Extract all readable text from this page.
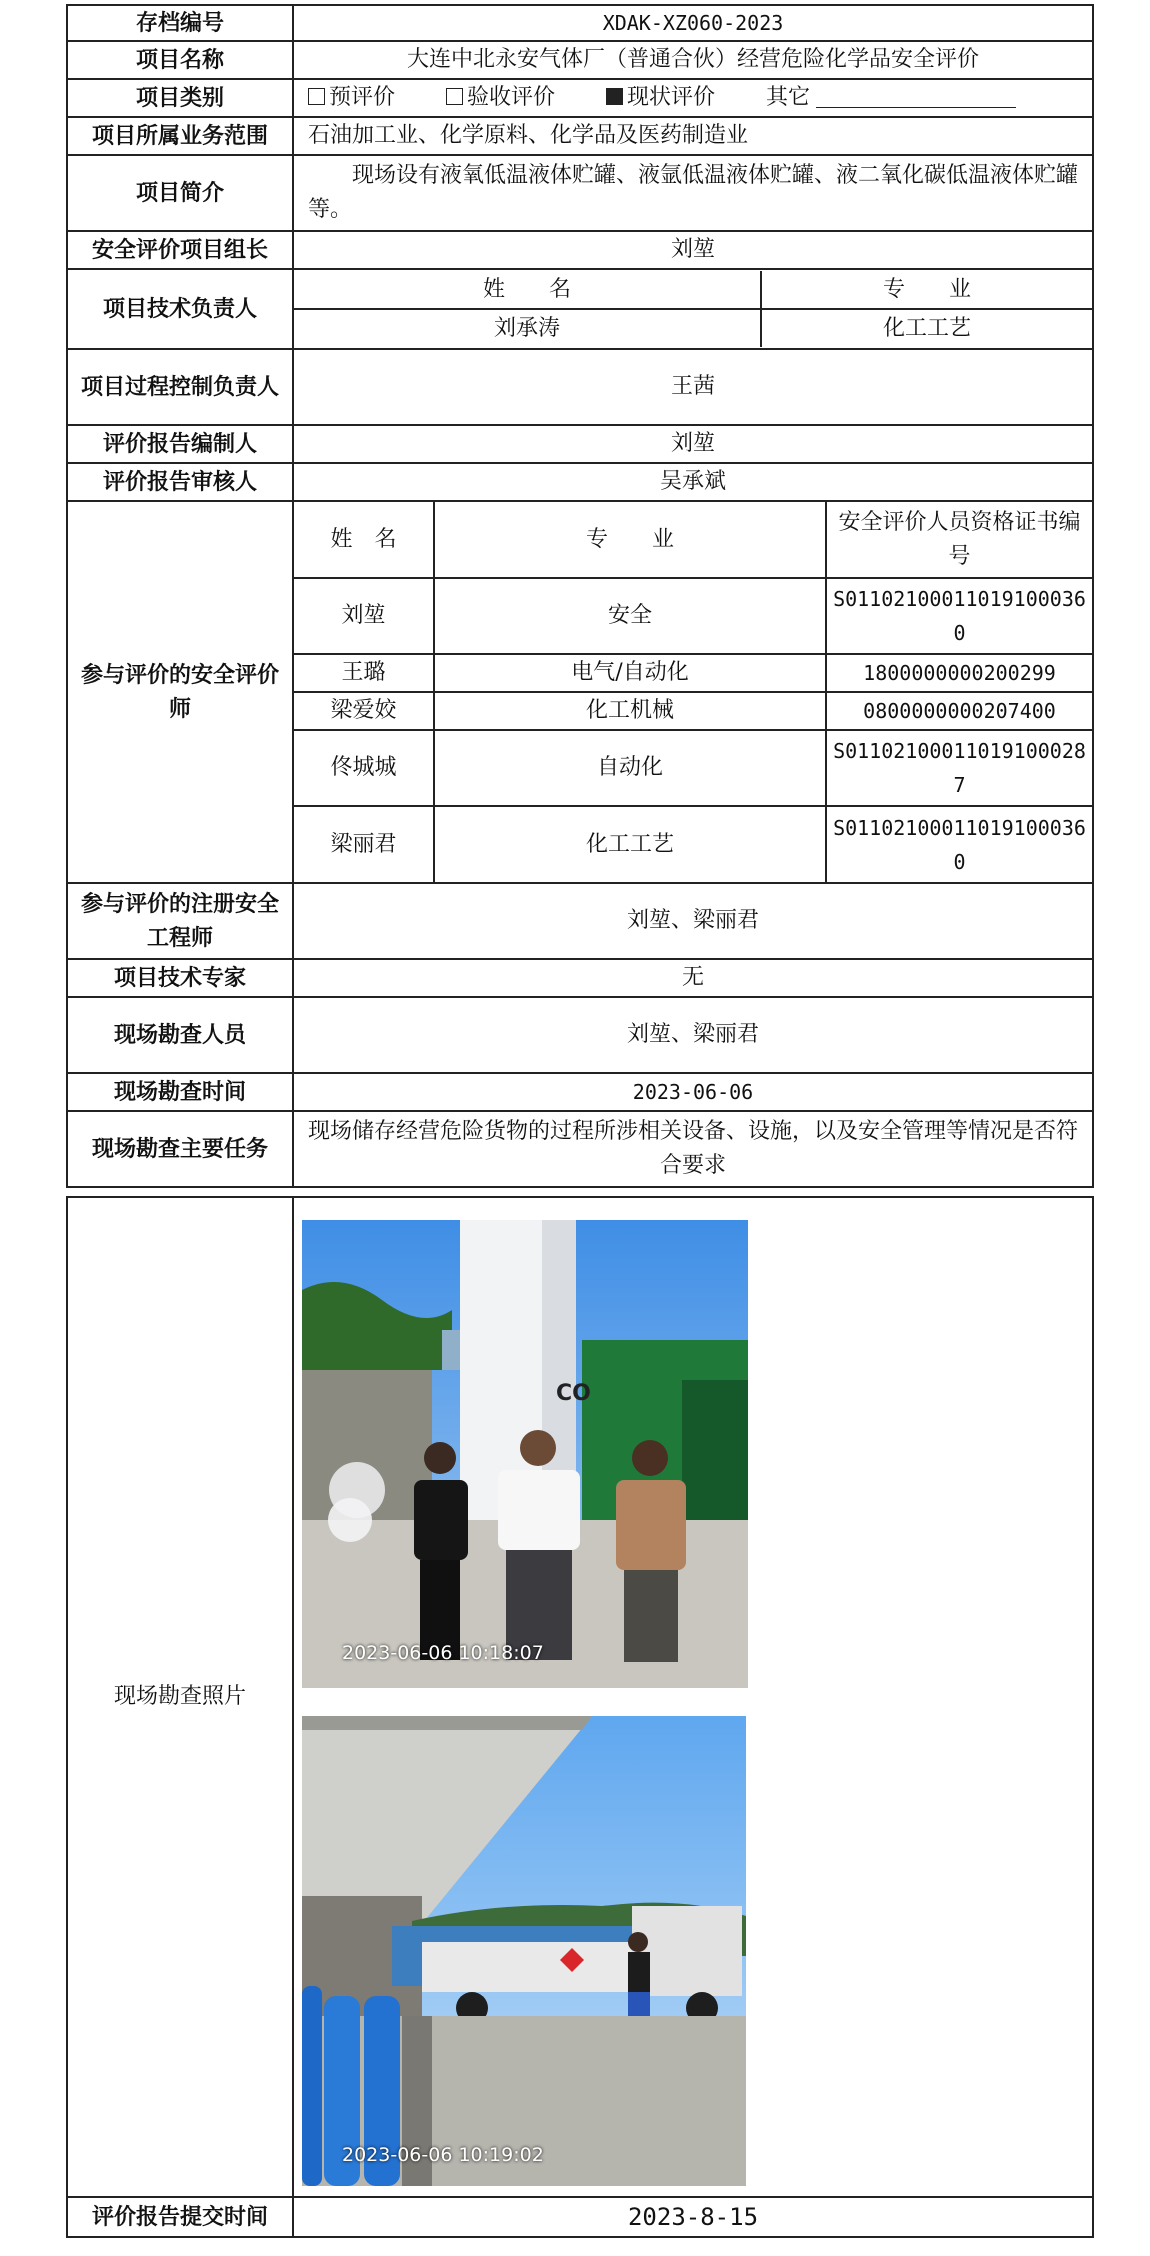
存档编号	XDAK-XZ060-2023
项目名称	大连中北永安气体厂（普通合伙）经营危险化学品安全评价
项目类别	预评价	验收评价	现状评价 其它
项目所属业务范围	石油加工业、化学原料、化学品及医药制造业
项目简介	现场设有液氧低温液体贮罐、液氩低温液体贮罐、液二氧化碳低温液体贮罐等。
安全评价项目组长	刘堃
项目技术负责人	
姓　　名	专　　业
刘承涛	化工工艺

项目过程控制负责人	王茜
评价报告编制人	刘堃
评价报告审核人	吴承斌
参与评价的安全评价师	
姓　名	专　　业	安全评价人员资格证书编号
刘堃	安全	S011021000110191000360
王璐	电气/自动化	1800000000200299
梁爱姣	化工机械	0800000000207400
佟城城	自动化	S011021000110191000287
梁丽君	化工工艺	S011021000110191000360

参与评价的注册安全工程师	刘堃、梁丽君
项目技术专家	无
现场勘查人员	刘堃、梁丽君
现场勘查时间	2023-06-06
现场勘查主要任务	现场储存经营危险货物的过程所涉相关设备、设施，以及安全管理等情况是否符合要求
现场勘查照片	
评价报告提交时间	2023-8-15
CO
2023-06-06 10:18:07
2023-06-06 10:19:02
